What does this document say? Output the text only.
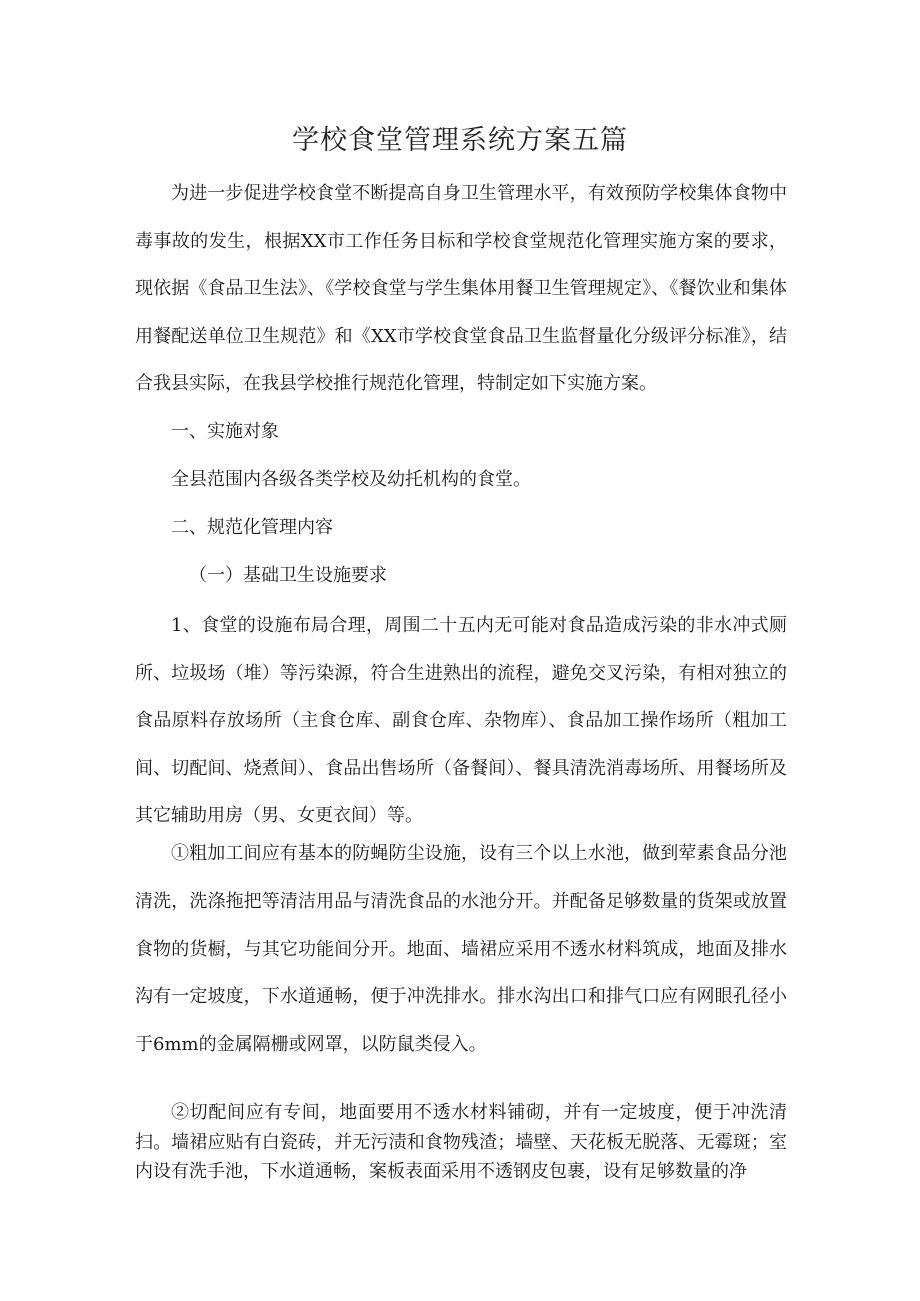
学校食堂管理系统方案五篇
为进一步促进学校食堂不断提高自身卫生管理水平，有效预防学校集体食物中毒事故的发生，根据XX市工作任务目标和学校食堂规范化管理实施方案的要求，现依据《食品卫生法》、《学校食堂与学生集体用餐卫生管理规定》、《餐饮业和集体用餐配送单位卫生规范》和《XX市学校食堂食品卫生监督量化分级评分标准》，结合我县实际，在我县学校推行规范化管理，特制定如下实施方案。
一、实施对象
全县范围内各级各类学校及幼托机构的食堂。
二、规范化管理内容
（一）基础卫生设施要求
1、食堂的设施布局合理，周围二十五内无可能对食品造成污染的非水冲式厕所、垃圾场（堆）等污染源，符合生进熟出的流程，避免交叉污染，有相对独立的食品原料存放场所（主食仓库、副食仓库、杂物库）、食品加工操作场所（粗加工间、切配间、烧煮间）、食品出售场所（备餐间）、餐具清洗消毒场所、用餐场所及其它辅助用房（男、女更衣间）等。
①粗加工间应有基本的防蝇防尘设施，设有三个以上水池，做到荤素食品分池清洗，洗涤拖把等清洁用品与清洗食品的水池分开。并配备足够数量的货架或放置食物的货橱，与其它功能间分开。地面、墙裙应采用不透水材料筑成，地面及排水沟有一定坡度，下水道通畅，便于冲洗排水。排水沟出口和排气口应有网眼孔径小于6mm的金属隔栅或网罩，以防鼠类侵入。
②切配间应有专间，地面要用不透水材料铺砌，并有一定坡度，便于冲洗清扫。墙裙应贴有白瓷砖，并无污渍和食物残渣；墙壁、天花板无脱落、无霉斑；室内设有洗手池，下水道通畅，案板表面采用不透钢皮包裹，设有足够数量的净
